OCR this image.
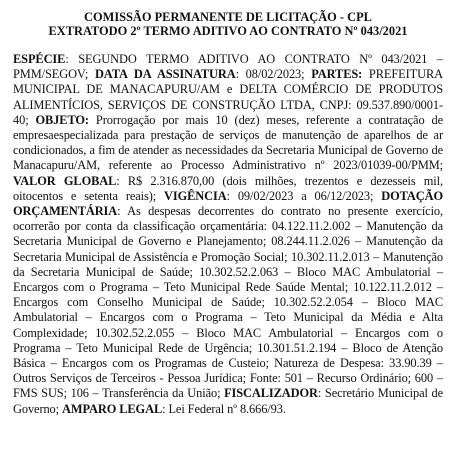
COMISSÃO PERMANENTE DE LICITAÇÃO - CPL
EXTRATODO 2º TERMO ADITIVO AO CONTRATO Nº 043/2021
ESPÉCIE: SEGUNDO TERMO ADITIVO AO CONTRATO Nº 043/2021 – PMM/SEGOV; DATA DA ASSINATURA: 08/02/2023; PARTES: PREFEITURA MUNICIPAL DE MANACAPURU/AM e DELTA COMÉRCIO DE PRODUTOS ALIMENTÍCIOS, SERVIÇOS DE CONSTRUÇÃO LTDA, CNPJ: 09.537.890/0001-40; OBJETO: Prorrogação por mais 10 (dez) meses, referente a contratação de empresaespecializada para prestação de serviços de manutenção de aparelhos de ar condicionados, a fim de atender as necessidades da Secretaria Municipal de Governo de Manacapuru/AM, referente ao Processo Administrativo nº 2023/01039-00/PMM; VALOR GLOBAL: R$ 2.316.870,00 (dois milhões, trezentos e dezesseis mil, oitocentos e setenta reais); VIGÊNCIA: 09/02/2023 a 06/12/2023; DOTAÇÃO ORÇAMENTÁRIA: As despesas decorrentes do contrato no presente exercício, ocorrerão por conta da classificação orçamentária: 04.122.11.2.002 – Manutenção da Secretaria Municipal de Governo e Planejamento; 08.244.11.2.026 – Manutenção da Secretaria Municipal de Assistência e Promoção Social; 10.302.11.2.013 – Manutenção da Secretaria Municipal de Saúde; 10.302.52.2.063 – Bloco MAC Ambulatorial – Encargos com o Programa – Teto Municipal Rede Saúde Mental; 10.122.11.2.012 – Encargos com Conselho Municipal de Saúde; 10.302.52.2.054 – Bloco MAC Ambulatorial – Encargos com o Programa – Teto Municipal da Média e Alta Complexidade; 10.302.52.2.055 – Bloco MAC Ambulatorial – Encargos com o Programa – Teto Municipal Rede de Urgência; 10.301.51.2.194 – Bloco de Atenção Básica – Encargos com os Programas de Custeio; Natureza de Despesa: 33.90.39 – Outros Serviços de Terceiros - Pessoa Jurídica; Fonte: 501 – Recurso Ordinário; 600 – FMS SUS; 106 – Transferência da União; FISCALIZADOR: Secretário Municipal de Governo; AMPARO LEGAL: Lei Federal nº 8.666/93.
